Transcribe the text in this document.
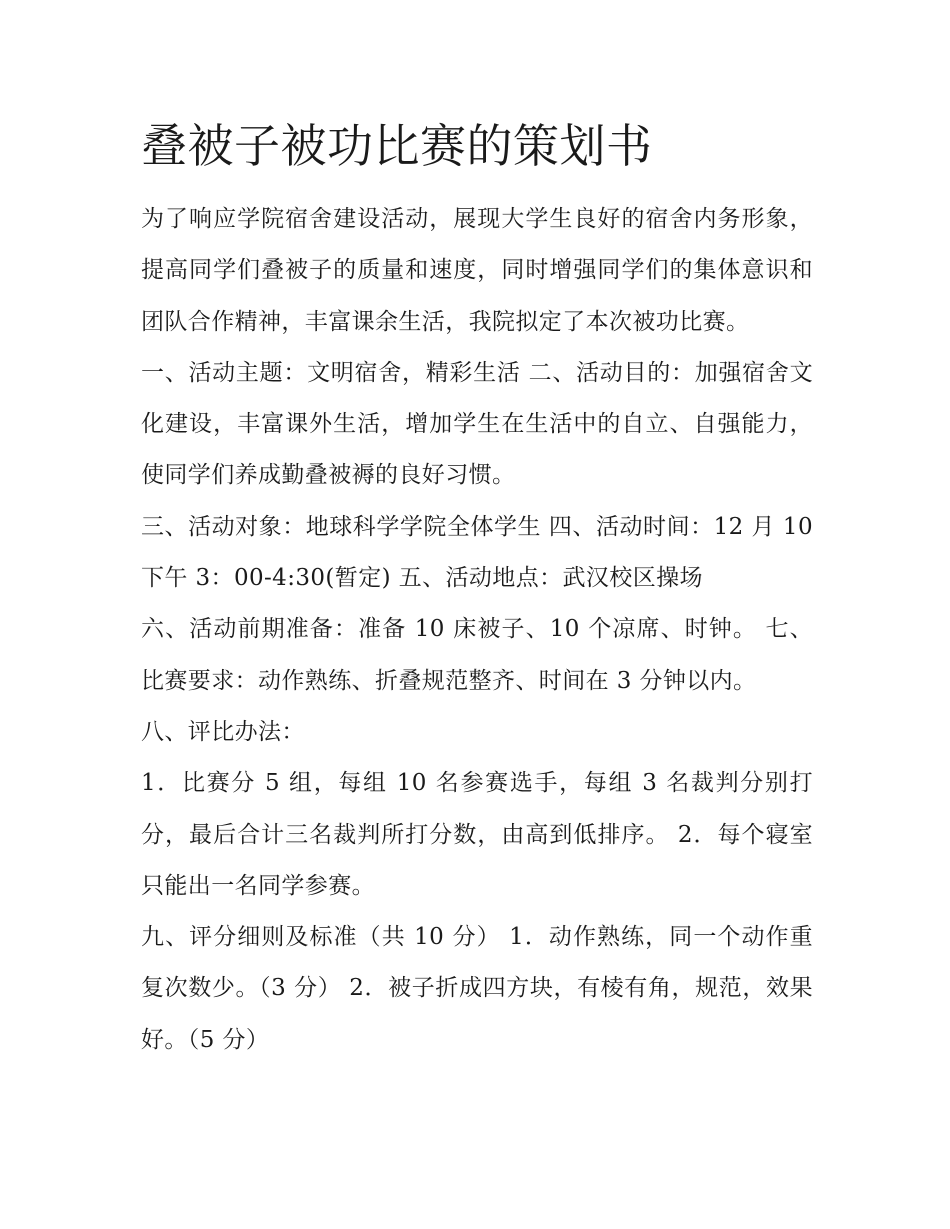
叠被子被功比赛的策划书

为了响应学院宿舍建设活动，展现大学生良好的宿舍内务形象，提高同学们叠被子的质量和速度，同时增强同学们的集体意识和团队合作精神，丰富课余生活，我院拟定了本次被功比赛。

一、活动主题：文明宿舍，精彩生活 二、活动目的：加强宿舍文化建设，丰富课外生活，增加学生在生活中的自立、自强能力，使同学们养成勤叠被褥的良好习惯。

三、活动对象：地球科学学院全体学生 四、活动时间：12 月 10 下午 3：00-4:30(暂定) 五、活动地点：武汉校区操场

六、活动前期准备：准备 10 床被子、10 个凉席、时钟。 七、比赛要求：动作熟练、折叠规范整齐、时间在 3 分钟以内。

八、评比办法：

1．比赛分 5 组，每组 10 名参赛选手，每组 3 名裁判分别打分，最后合计三名裁判所打分数，由高到低排序。 2．每个寝室只能出一名同学参赛。

九、评分细则及标准（共 10 分） 1．动作熟练，同一个动作重复次数少。（3 分） 2．被子折成四方块，有棱有角，规范，效果好。（5 分）
